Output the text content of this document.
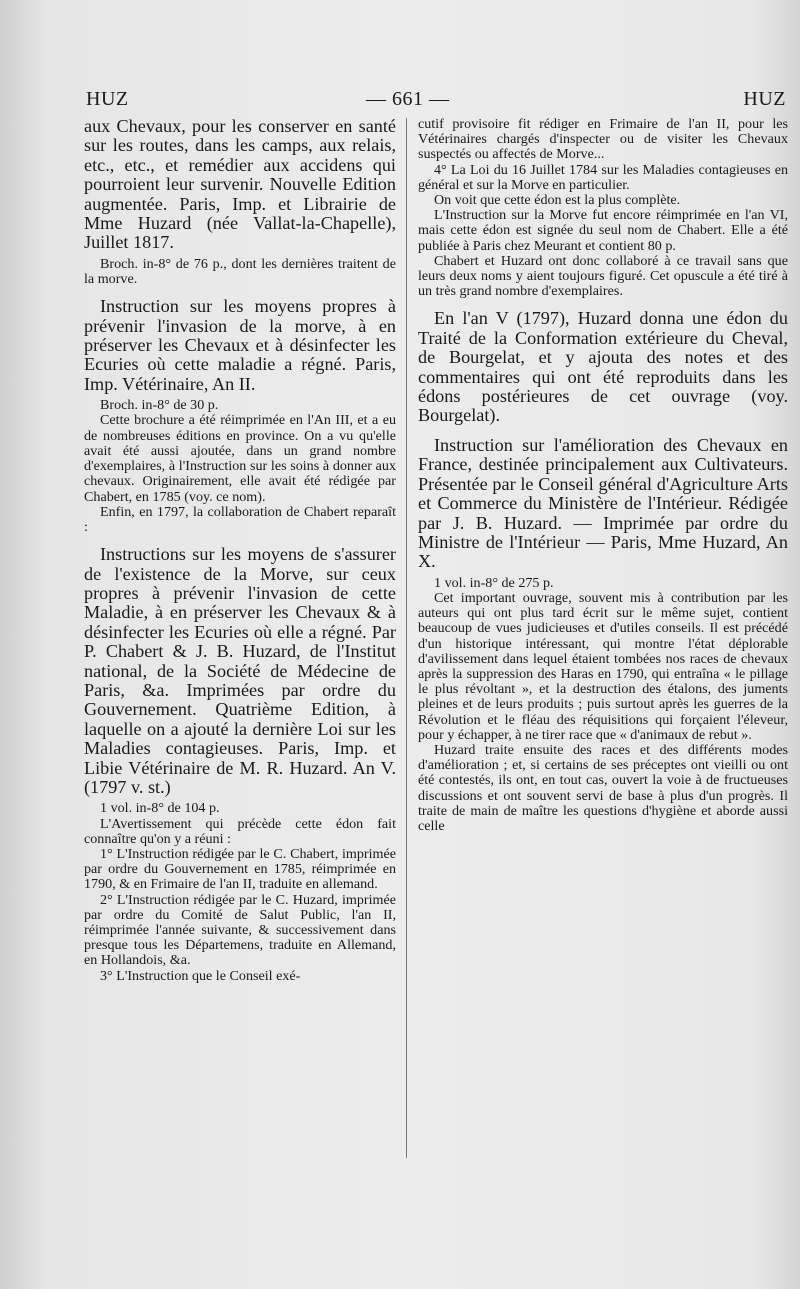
HUZ	— 661 —	HUZ

aux Chevaux, pour les conserver en santé sur les routes, dans les camps, aux relais, etc., etc., et remédier aux accidens qui pourroient leur survenir. Nouvelle Edition augmentée. Paris, Imp. et Librairie de Mme Huzard (née Vallat-la-Chapelle), Juillet 1817.

Broch. in-8° de 76 p., dont les dernières traitent de la morve.

Instruction sur les moyens propres à prévenir l'invasion de la morve, à en préserver les Chevaux et à désinfecter les Ecuries où cette maladie a régné. Paris, Imp. Vétérinaire, An II.

Broch. in-8° de 30 p.

Cette brochure a été réimprimée en l'An III, et a eu de nombreuses éditions en province. On a vu qu'elle avait été aussi ajoutée, dans un grand nombre d'exemplaires, à l'Instruction sur les soins à donner aux chevaux. Originairement, elle avait été rédigée par Chabert, en 1785 (voy. ce nom).

Enfin, en 1797, la collaboration de Chabert reparaît :

Instructions sur les moyens de s'assurer de l'existence de la Morve, sur ceux propres à prévenir l'invasion de cette Maladie, à en préserver les Chevaux & à désinfecter les Ecuries où elle a régné. Par P. Chabert & J. B. Huzard, de l'Institut national, de la Société de Médecine de Paris, &a. Imprimées par ordre du Gouvernement. Quatrième Edition, à laquelle on a ajouté la dernière Loi sur les Maladies contagieuses. Paris, Imp. et Libie Vétérinaire de M. R. Huzard. An V. (1797 v. st.)

1 vol. in-8° de 104 p.

L'Avertissement qui précède cette édon fait connaître qu'on y a réuni :

1° L'Instruction rédigée par le C. Chabert, imprimée par ordre du Gouvernement en 1785, réimprimée en 1790, & en Frimaire de l'an II, traduite en allemand.

2° L'Instruction rédigée par le C. Huzard, imprimée par ordre du Comité de Salut Public, l'an II, réimprimée l'année suivante, & successivement dans presque tous les Départemens, traduite en Allemand, en Hollandois, &a.

3° L'Instruction que le Conseil exé-

cutif provisoire fit rédiger en Frimaire de l'an II, pour les Vétérinaires chargés d'inspecter ou de visiter les Chevaux suspectés ou affectés de Morve...

4° La Loi du 16 Juillet 1784 sur les Maladies contagieuses en général et sur la Morve en particulier.

On voit que cette édon est la plus complète.

L'Instruction sur la Morve fut encore réimprimée en l'an VI, mais cette édon est signée du seul nom de Chabert. Elle a été publiée à Paris chez Meurant et contient 80 p.

Chabert et Huzard ont donc collaboré à ce travail sans que leurs deux noms y aient toujours figuré. Cet opuscule a été tiré à un très grand nombre d'exemplaires.

En l'an V (1797), Huzard donna une édon du Traité de la Conformation extérieure du Cheval, de Bourgelat, et y ajouta des notes et des commentaires qui ont été reproduits dans les édons postérieures de cet ouvrage (voy. Bourgelat).

Instruction sur l'amélioration des Chevaux en France, destinée principalement aux Cultivateurs. Présentée par le Conseil général d'Agriculture Arts et Commerce du Ministère de l'Intérieur. Rédigée par J. B. Huzard. — Imprimée par ordre du Ministre de l'Intérieur — Paris, Mme Huzard, An X.

1 vol. in-8° de 275 p.

Cet important ouvrage, souvent mis à contribution par les auteurs qui ont plus tard écrit sur le même sujet, contient beaucoup de vues judicieuses et d'utiles conseils. Il est précédé d'un historique intéressant, qui montre l'état déplorable d'avilissement dans lequel étaient tombées nos races de chevaux après la suppression des Haras en 1790, qui entraîna « le pillage le plus révoltant », et la destruction des étalons, des juments pleines et de leurs produits ; puis surtout après les guerres de la Révolution et le fléau des réquisitions qui forçaient l'éleveur, pour y échapper, à ne tirer race que « d'animaux de rebut ».

Huzard traite ensuite des races et des différents modes d'amélioration ; et, si certains de ses préceptes ont vieilli ou ont été contestés, ils ont, en tout cas, ouvert la voie à de fructueuses discussions et ont souvent servi de base à plus d'un progrès. Il traite de main de maître les questions d'hygiène et aborde aussi celle
